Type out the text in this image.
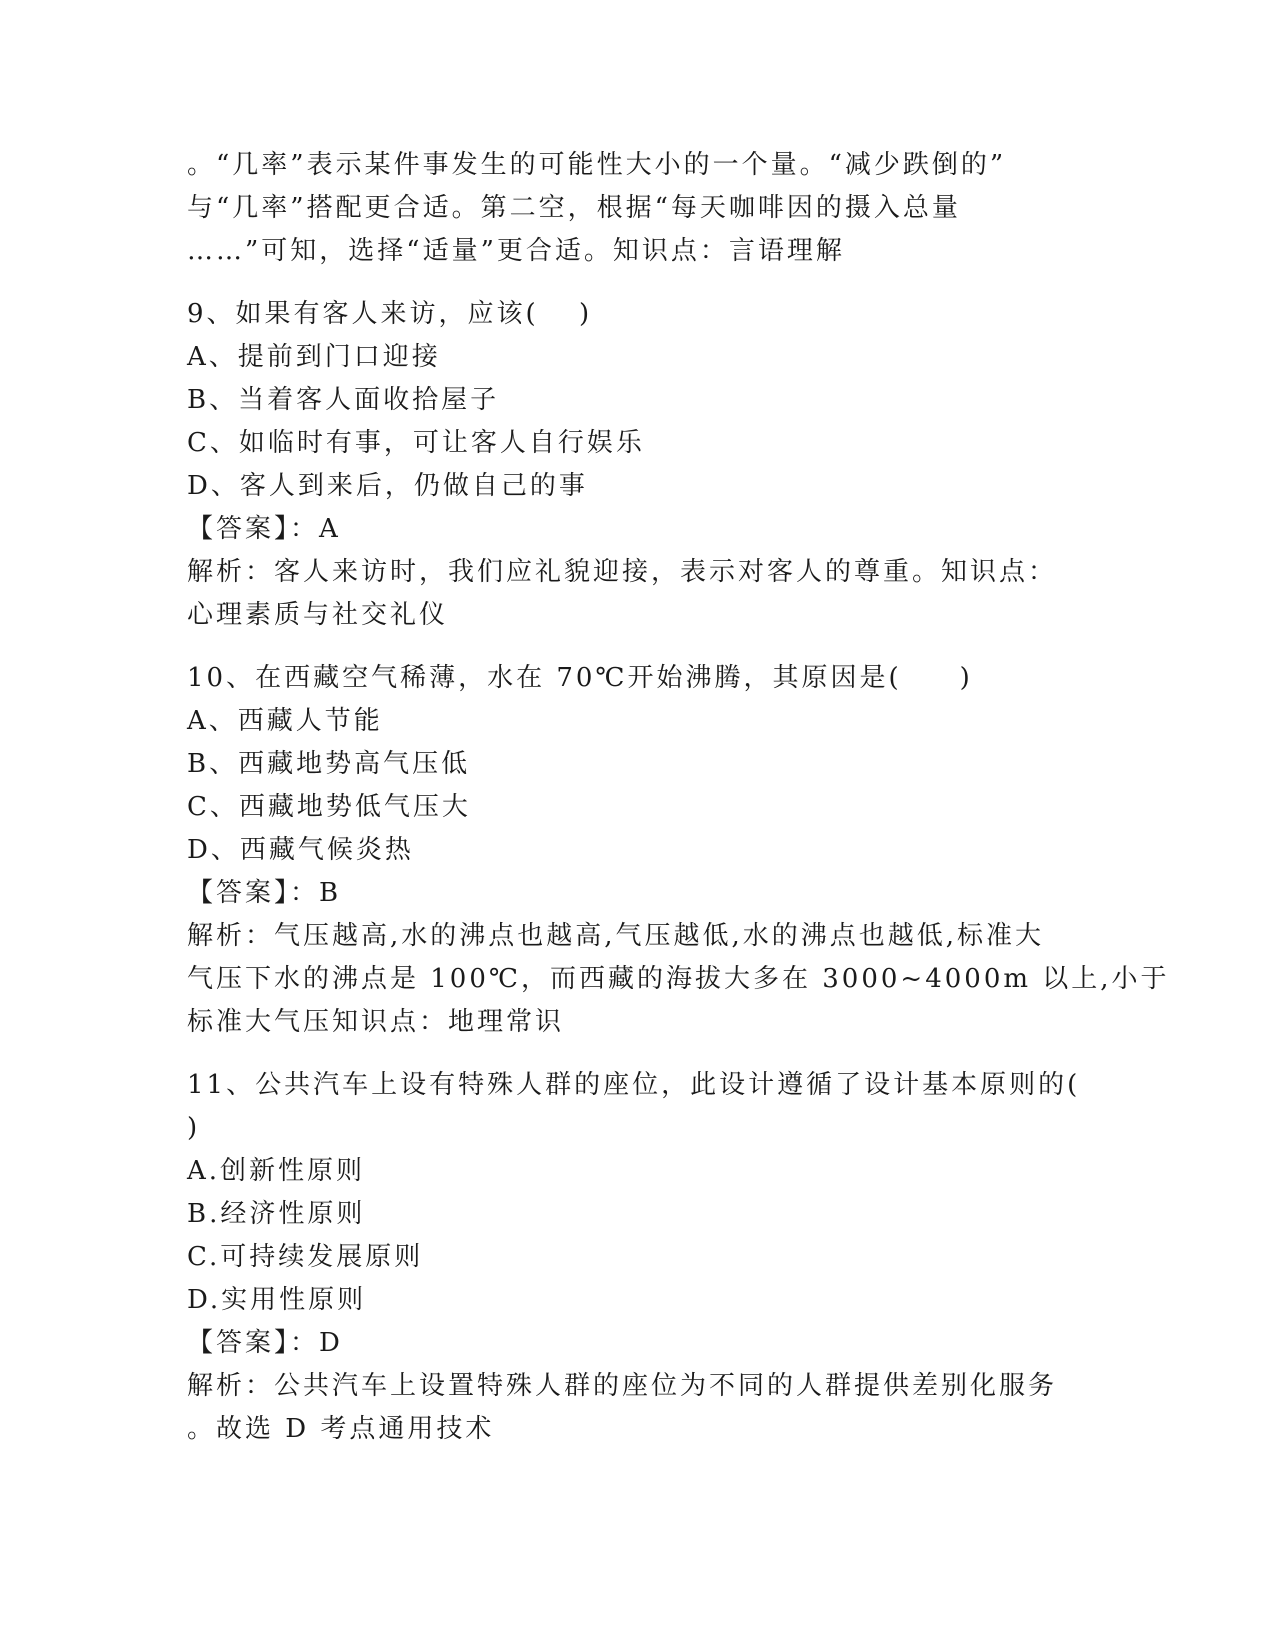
。“几率”表示某件事发生的可能性大小的一个量。“减少跌倒的”
与“几率”搭配更合适。第二空，根据“每天咖啡因的摄入总量
……”可知，选择“适量”更合适。知识点：言语理解
9、如果有客人来访，应该(　 )
A、提前到门口迎接
B、当着客人面收拾屋子
C、如临时有事，可让客人自行娱乐
D、客人到来后，仍做自己的事
【答案】：A
解析：客人来访时，我们应礼貌迎接，表示对客人的尊重。知识点：
心理素质与社交礼仪
10、在西藏空气稀薄，水在 70℃开始沸腾，其原因是(　　)
A、西藏人节能
B、西藏地势高气压低
C、西藏地势低气压大
D、西藏气候炎热
【答案】：B
解析：气压越高,水的沸点也越高,气压越低,水的沸点也越低,标准大
气压下水的沸点是 100℃，而西藏的海拔大多在 3000~4000m 以上,小于
标准大气压知识点：地理常识
11、公共汽车上设有特殊人群的座位，此设计遵循了设计基本原则的(
)
A.创新性原则
B.经济性原则
C.可持续发展原则
D.实用性原则
【答案】：D
解析：公共汽车上设置特殊人群的座位为不同的人群提供差别化服务
。故选 D 考点通用技术
